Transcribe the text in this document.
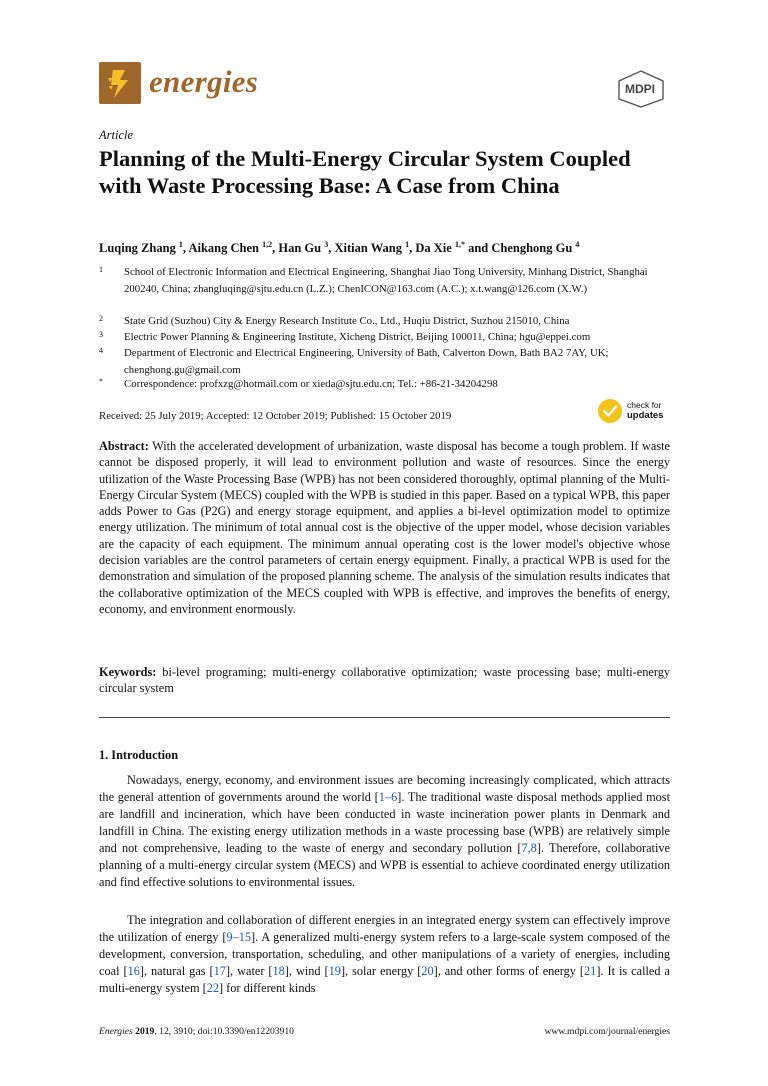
energies	MDPI
Article
Planning of the Multi-Energy Circular System Coupled with Waste Processing Base: A Case from China
Luqing Zhang $^1$, Aikang Chen $^{1,2}$, Han Gu $^3$, Xitian Wang $^1$, Da Xie $^{1,*}$ and Chenghong Gu $^4$
1 School of Electronic Information and Electrical Engineering, Shanghai Jiao Tong University, Minhang District, Shanghai 200240, China; zhangluqing@sjtu.edu.cn (L.Z.); ChenICON@163.com (A.C.); x.t.wang@126.com (X.W.)
2 State Grid (Suzhou) City & Energy Research Institute Co., Ltd., Huqiu District, Suzhou 215010, China
3 Electric Power Planning & Engineering Institute, Xicheng District, Beijing 100011, China; hgu@eppei.com
4 Department of Electronic and Electrical Engineering, University of Bath, Calverton Down, Bath BA2 7AY, UK; chenghong.gu@gmail.com
* Correspondence: profxzg@hotmail.com or xieda@sjtu.edu.cn; Tel.: +86-21-34204298
Received: 25 July 2019; Accepted: 12 October 2019; Published: 15 October 2019
check for
updates
Abstract: With the accelerated development of urbanization, waste disposal has become a tough problem. If waste cannot be disposed properly, it will lead to environment pollution and waste of resources. Since the energy utilization of the Waste Processing Base (WPB) has not been considered thoroughly, optimal planning of the Multi-Energy Circular System (MECS) coupled with the WPB is studied in this paper. Based on a typical WPB, this paper adds Power to Gas (P2G) and energy storage equipment, and applies a bi-level optimization model to optimize energy utilization. The minimum of total annual cost is the objective of the upper model, whose decision variables are the capacity of each equipment. The minimum annual operating cost is the lower model's objective whose decision variables are the control parameters of certain energy equipment. Finally, a practical WPB is used for the demonstration and simulation of the proposed planning scheme. The analysis of the simulation results indicates that the collaborative optimization of the MECS coupled with WPB is effective, and improves the benefits of energy, economy, and environment enormously.
Keywords: bi-level programing; multi-energy collaborative optimization; waste processing base; multi-energy circular system
1. Introduction
Nowadays, energy, economy, and environment issues are becoming increasingly complicated, which attracts the general attention of governments around the world [1–6]. The traditional waste disposal methods applied most are landfill and incineration, which have been conducted in waste incineration power plants in Denmark and landfill in China. The existing energy utilization methods in a waste processing base (WPB) are relatively simple and not comprehensive, leading to the waste of energy and secondary pollution [7,8]. Therefore, collaborative planning of a multi-energy circular system (MECS) and WPB is essential to achieve coordinated energy utilization and find effective solutions to environmental issues.
The integration and collaboration of different energies in an integrated energy system can effectively improve the utilization of energy [9–15]. A generalized multi-energy system refers to a large-scale system composed of the development, conversion, transportation, scheduling, and other manipulations of a variety of energies, including coal [16], natural gas [17], water [18], wind [19], solar energy [20], and other forms of energy [21]. It is called a multi-energy system [22] for different kinds
Energies 2019, 12, 3910; doi:10.3390/en12203910	www.mdpi.com/journal/energies
